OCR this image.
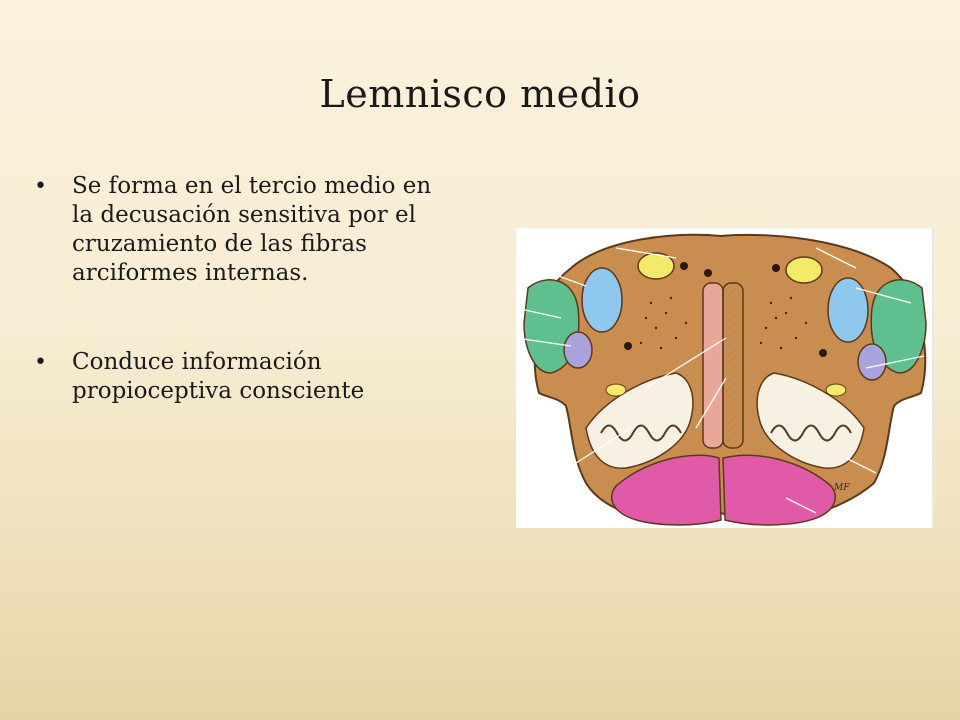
Lemnisco medio
• Se forma en el tercio medio en la decusación sensitiva por el cruzamiento de las fibras arciformes internas.
• Conduce información propioceptiva consciente
MF
